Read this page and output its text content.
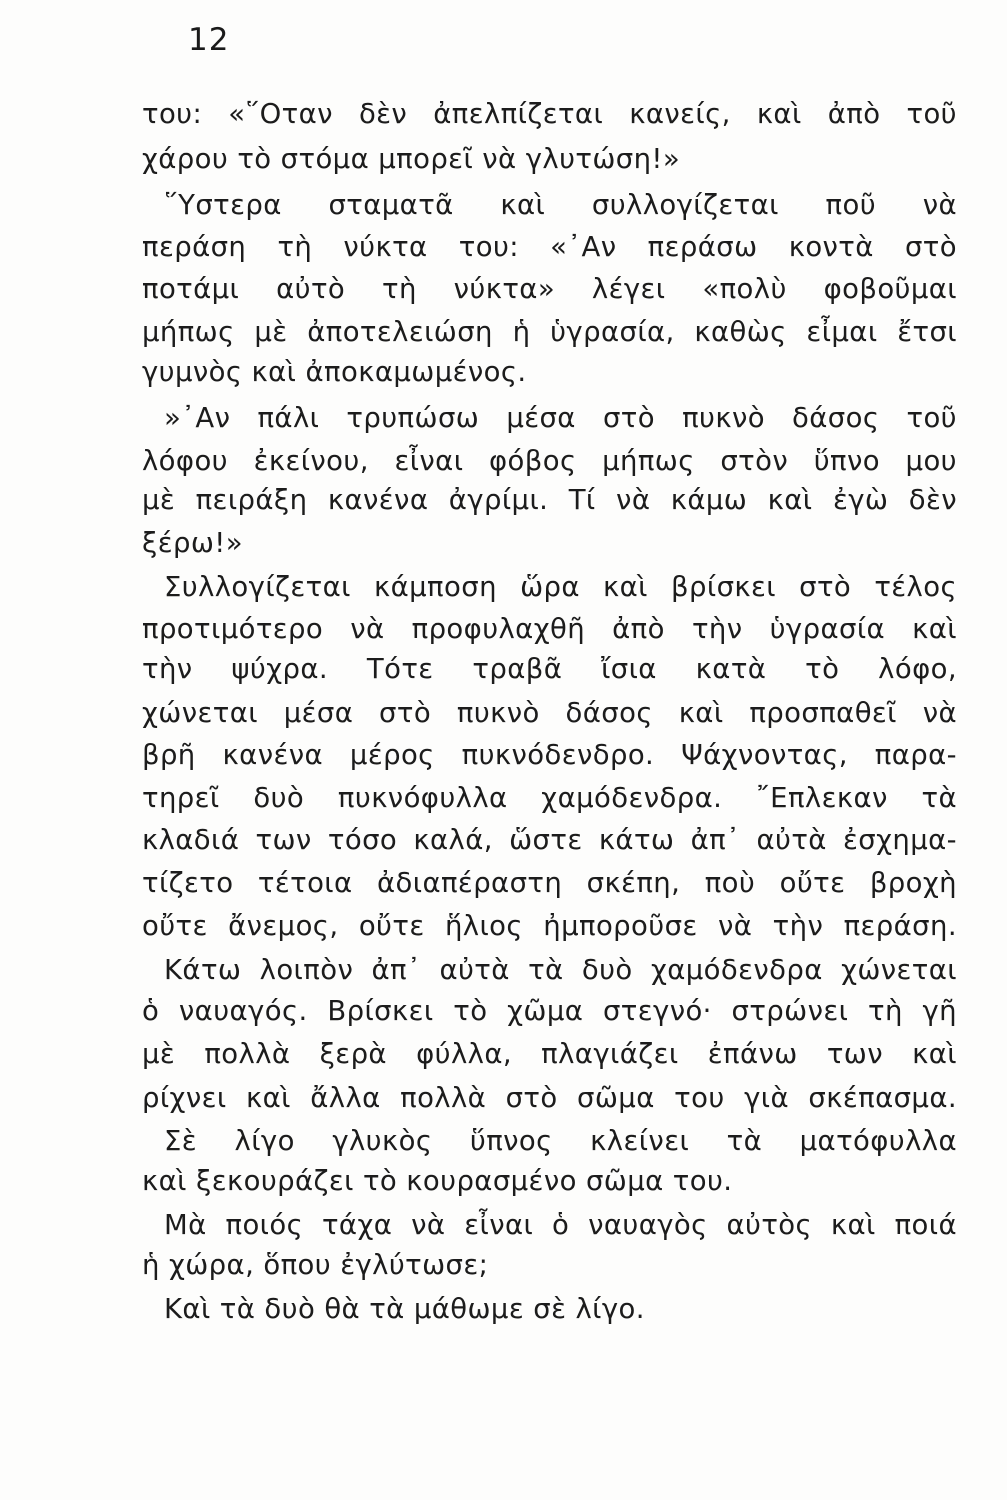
12
του: «῞Οταν δὲν ἀπελπίζεται κανείς, καὶ ἀπὸ τοῦ
χάρου τὸ στόμα μπορεῖ νὰ γλυτώση!»
῞Υστερα σταματᾶ καὶ συλλογίζεται ποῦ νὰ
περάση τὴ νύκτα του: «᾿Αν περάσω κοντὰ στὸ
ποτάμι αὐτὸ τὴ νύκτα» λέγει «πολὺ φοβοῦμαι
μήπως μὲ ἀποτελειώση ἡ ὑγρασία, καθὼς εἶμαι ἔτσι
γυμνὸς καὶ ἀποκαμωμένος.
»᾿Αν πάλι τρυπώσω μέσα στὸ πυκνὸ δάσος τοῦ
λόφου ἐκείνου, εἶναι φόβος μήπως στὸν ὕπνο μου
μὲ πειράξη κανένα ἀγρίμι. Τί νὰ κάμω καὶ ἐγὼ δὲν
ξέρω!»
Συλλογίζεται κάμποση ὥρα καὶ βρίσκει στὸ τέλος
προτιμότερο νὰ προφυλαχθῆ ἀπὸ τὴν ὑγρασία καὶ
τὴν ψύχρα. Τότε τραβᾶ ἴσια κατὰ τὸ λόφο,
χώνεται μέσα στὸ πυκνὸ δάσος καὶ προσπαθεῖ νὰ
βρῆ κανένα μέρος πυκνόδενδρο. Ψάχνοντας, παρα-
τηρεῖ δυὸ πυκνόφυλλα χαμόδενδρα. ῎Επλεκαν τὰ
κλαδιά των τόσο καλά, ὥστε κάτω ἀπ᾽ αὐτὰ ἐσχημα-
τίζετο τέτοια ἀδιαπέραστη σκέπη, ποὺ οὔτε βροχὴ
οὔτε ἄνεμος, οὔτε ἥλιος ἠμποροῦσε νὰ τὴν περάση.
Κάτω λοιπὸν ἀπ᾽ αὐτὰ τὰ δυὸ χαμόδενδρα χώνεται
ὁ ναυαγός. Βρίσκει τὸ χῶμα στεγνό· στρώνει τὴ γῆ
μὲ πολλὰ ξερὰ φύλλα, πλαγιάζει ἐπάνω των καὶ
ρίχνει καὶ ἄλλα πολλὰ στὸ σῶμα του γιὰ σκέπασμα.
Σὲ λίγο γλυκὸς ὕπνος κλείνει τὰ ματόφυλλα
καὶ ξεκουράζει τὸ κουρασμένο σῶμα του.
Μὰ ποιός τάχα νὰ εἶναι ὁ ναυαγὸς αὐτὸς καὶ ποιά
ἡ χώρα, ὅπου ἐγλύτωσε;
Καὶ τὰ δυὸ θὰ τὰ μάθωμε σὲ λίγο.
